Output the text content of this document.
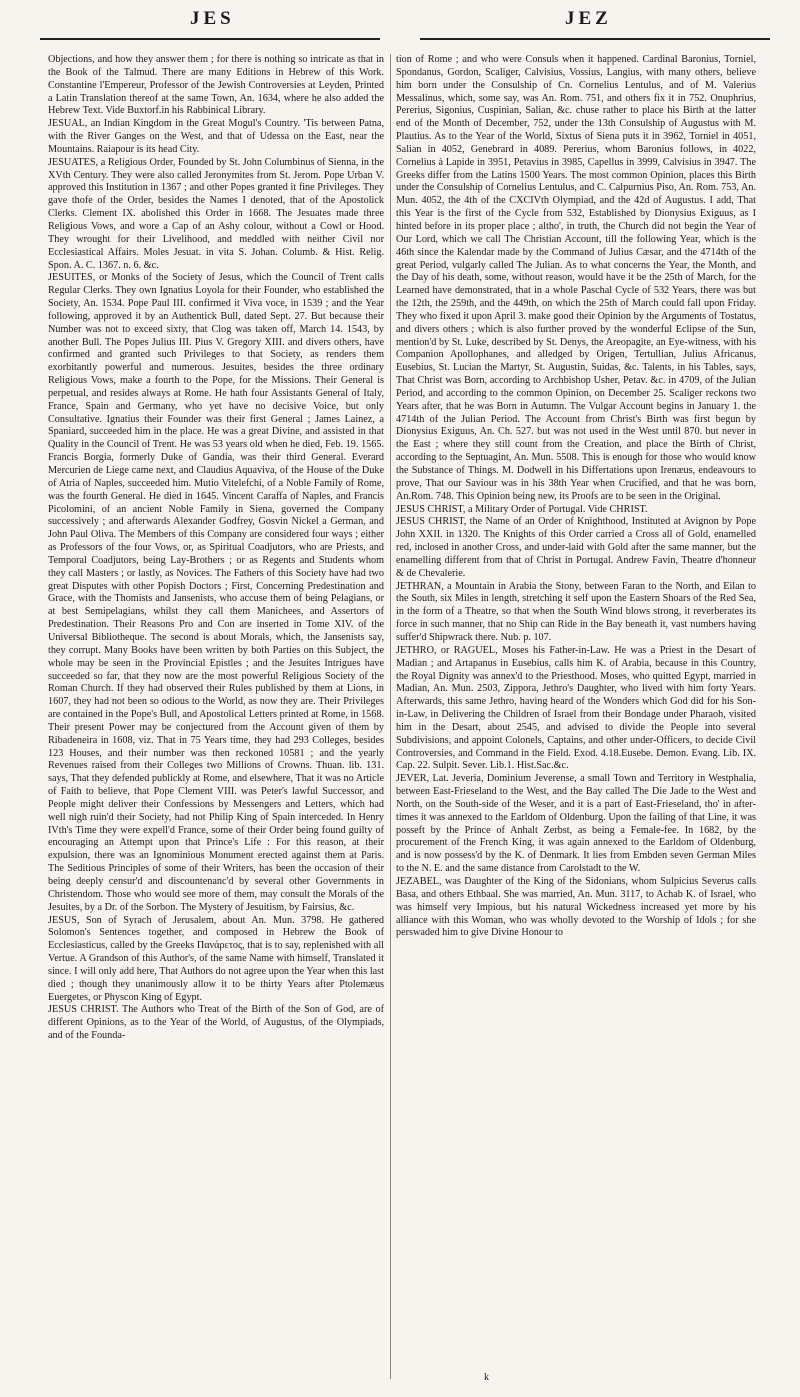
JES	JEZ

Objections, and how they answer them ; for there is nothing so intricate as that in the Book of the Talmud. There are many Editions in Hebrew of this Work. Constantine l'Empereur, Professor of the Jewish Controversies at Leyden, Printed a Latin Translation thereof at the same Town, An. 1634, where he also added the Hebrew Text. Vide Buxtorf.in his Rabbinical Library.

JESUAL, an Indian Kingdom in the Great Mogul's Country. 'Tis between Patna, with the River Ganges on the West, and that of Udessa on the East, near the Mountains. Raiapour is its head City.

JESUATES, a Religious Order, Founded by St. John Columbinus of Sienna, in the XVth Century. They were also called Jeronymites from St. Jerom. Pope Urban V. approved this Institution in 1367 ; and other Popes granted it fine Privileges. They gave thofe of the Order, besides the Names I denoted, that of the Apostolick Clerks. Clement IX. abolished this Order in 1668. The Jesuates made three Religious Vows, and wore a Cap of an Ashy colour, without a Cowl or Hood. They wrought for their Livelihood, and meddled with neither Civil nor Ecclesiastical Affairs. Moles Jesuat. in vita S. Johan. Columb. & Hist. Relig. Spon. A. C. 1367. n. 6. &c.

JESUITES, or Monks of the Society of Jesus, which the Council of Trent calls Regular Clerks. They own Ignatius Loyola for their Founder, who established the Society, An. 1534. Pope Paul III. confirmed it Viva voce, in 1539 ; and the Year following, approved it by an Authentick Bull, dated Sept. 27. But because their Number was not to exceed sixty, that Clog was taken off, March 14. 1543, by another Bull. The Popes Julius III. Pius V. Gregory XIII. and divers others, have confirmed and granted such Privileges to that Society, as renders them exorbitantly powerful and numerous. Jesuites, besides the three ordinary Religious Vows, make a fourth to the Pope, for the Missions. Their General is perpetual, and resides always at Rome. He hath four Assistants General of Italy, France, Spain and Germany, who yet have no decisive Voice, but only Consultative. Ignatius their Founder was their first General ; James Lainez, a Spaniard, succeeded him in the place. He was a great Divine, and assisted in that Quality in the Council of Trent. He was 53 years old when he died, Feb. 19. 1565. Francis Borgia, formerly Duke of Gandia, was their third General. Everard Mercurien de Liege came next, and Claudius Aquaviva, of the House of the Duke of Atria of Naples, succeeded him. Mutio Vitelefchi, of a Noble Family of Rome, was the fourth General. He died in 1645. Vincent Caraffa of Naples, and Francis Picolomini, of an ancient Noble Family in Siena, governed the Company successively ; and afterwards Alexander Godfrey, Gosvin Nickel a German, and John Paul Oliva. The Members of this Company are considered four ways ; either as Professors of the four Vows, or, as Spiritual Coadjutors, who are Priests, and Temporal Coadjutors, being Lay-Brothers ; or as Regents and Students whom they call Masters ; or lastly, as Novices. The Fathers of this Society have had two great Disputes with other Popish Doctors ; First, Concerning Predestination and Grace, with the Thomists and Jansenists, who accuse them of being Pelagians, or at best Semipelagians, whilst they call them Manichees, and Assertors of Predestination. Their Reasons Pro and Con are inserted in Tome XIV. of the Universal Bibliotheque. The second is about Morals, which, the Jansenists say, they corrupt. Many Books have been written by both Parties on this Subject, the whole may be seen in the Provincial Epistles ; and the Jesuites Intrigues have succeeded so far, that they now are the most powerful Religious Society of the Roman Church. If they had observed their Rules published by them at Lions, in 1607, they had not been so odious to the World, as now they are. Their Privileges are contained in the Pope's Bull, and Apostolical Letters printed at Rome, in 1568. Their present Power may be conjectured from the Account given of them by Ribadeneira in 1608, viz. That in 75 Years time, they had 293 Colleges, besides 123 Houses, and their number was then reckoned 10581 ; and the yearly Revenues raised from their Colleges two Millions of Crowns. Thuan. lib. 131. says, That they defended publickly at Rome, and elsewhere, That it was no Article of Faith to believe, that Pope Clement VIII. was Peter's lawful Successor, and People might deliver their Confessions by Messengers and Letters, which had well nigh ruin'd their Society, had not Philip King of Spain interceded. In Henry IVth's Time they were expell'd France, some of their Order being found guilty of encouraging an Attempt upon that Prince's Life : For this reason, at their expulsion, there was an Ignominious Monument erected against them at Paris. The Seditious Principles of some of their Writers, has been the occasion of their being deeply censur'd and discountenanc'd by several other Governments in Christendom. Those who would see more of them, may consult the Morals of the Jesuites, by a Dr. of the Sorbon. The Mystery of Jesuitism, by Fairsius, &c.

JESUS, Son of Syrach of Jerusalem, about An. Mun. 3798. He gathered Solomon's Sentences together, and composed in Hebrew the Book of Ecclesiasticus, called by the Greeks Πανάρετος, that is to say, replenished with all Vertue. A Grandson of this Author's, of the same Name with himself, Translated it since. I will only add here, That Authors do not agree upon the Year when this last died ; though they unanimously allow it to be thirty Years after Ptolemæus Euergetes, or Physcon King of Egypt.

JESUS CHRIST. The Authors who Treat of the Birth of the Son of God, are of different Opinions, as to the Year of the World, of Augustus, of the Olympiads, and of the Founda-

tion of Rome ; and who were Consuls when it happened. Cardinal Baronius, Torniel, Spondanus, Gordon, Scaliger, Calvisius, Vossius, Langius, with many others, believe him born under the Consulship of Cn. Cornelius Lentulus, and of M. Valerius Messalinus, which, some say, was An. Rom. 751, and others fix it in 752. Onuphrius, Pererius, Sigonius, Cuspinian, Salian, &c. chuse rather to place his Birth at the latter end of the Month of December, 752, under the 13th Consulship of Augustus with M. Plautius. As to the Year of the World, Sixtus of Siena puts it in 3962, Torniel in 4051, Salian in 4052, Genebrard in 4089. Pererius, whom Baronius follows, in 4022, Cornelius à Lapide in 3951, Petavius in 3985, Capellus in 3999, Calvisius in 3947. The Greeks differ from the Latins 1500 Years. The most common Opinion, places this Birth under the Consulship of Cornelius Lentulus, and C. Calpurnius Piso, An. Rom. 753, An. Mun. 4052, the 4th of the CXCIVth Olympiad, and the 42d of Augustus. I add, That this Year is the first of the Cycle from 532, Established by Dionysius Exiguus, as I hinted before in its proper place ; altho', in truth, the Church did not begin the Year of Our Lord, which we call The Christian Account, till the following Year, which is the 46th since the Kalendar made by the Command of Julius Cæsar, and the 4714th of the great Period, vulgarly called The Julian. As to what concerns the Year, the Month, and the Day of his death, some, without reason, would have it be the 25th of March, for the Learned have demonstrated, that in a whole Paschal Cycle of 532 Years, there was but the 12th, the 259th, and the 449th, on which the 25th of March could fall upon Friday. They who fixed it upon April 3. make good their Opinion by the Arguments of Tostatus, and divers others ; which is also further proved by the wonderful Eclipse of the Sun, mention'd by St. Luke, described by St. Denys, the Areopagite, an Eye-witness, with his Companion Apollophanes, and alledged by Origen, Tertullian, Julius Africanus, Eusebius, St. Lucian the Martyr, St. Augustin, Suidas, &c. Talents, in his Tables, says, That Christ was Born, according to Archbishop Usher, Petav. &c. in 4709, of the Julian Period, and according to the common Opinion, on December 25. Scaliger reckons two Years after, that he was Born in Autumn. The Vulgar Account begins in January 1. the 4714th of the Julian Period. The Account from Christ's Birth was first begun by Dionysius Exiguus, An. Ch. 527. but was not used in the West until 870. but never in the East ; where they still count from the Creation, and place the Birth of Christ, according to the Septuagint, An. Mun. 5508. This is enough for those who would know the Substance of Things. M. Dodwell in his Differtations upon Irenæus, endeavours to prove, That our Saviour was in his 38th Year when Crucified, and that he was born, An.Rom. 748. This Opinion being new, its Proofs are to be seen in the Original.

JESUS CHRIST, a Military Order of Portugal. Vide CHRIST.

JESUS CHRIST, the Name of an Order of Knighthood, Instituted at Avignon by Pope John XXII. in 1320. The Knights of this Order carried a Cross all of Gold, enamelled red, inclosed in another Cross, and under-laid with Gold after the same manner, but the enamelling different from that of Christ in Portugal. Andrew Favin, Theatre d'honneur & de Chevalerie.

JETHRAN, a Mountain in Arabia the Stony, between Faran to the North, and Eilan to the South, six Miles in length, stretching it self upon the Eastern Shoars of the Red Sea, in the form of a Theatre, so that when the South Wind blows strong, it reverberates its force in such manner, that no Ship can Ride in the Bay beneath it, vast numbers having suffer'd Shipwrack there. Nub. p. 107.

JETHRO, or RAGUEL, Moses his Father-in-Law. He was a Priest in the Desart of Madian ; and Artapanus in Eusebius, calls him K. of Arabia, because in this Country, the Royal Dignity was annex'd to the Priesthood. Moses, who quitted Egypt, married in Madian, An. Mun. 2503, Zippora, Jethro's Daughter, who lived with him forty Years. Afterwards, this same Jethro, having heard of the Wonders which God did for his Son-in-Law, in Delivering the Children of Israel from their Bondage under Pharaoh, visited him in the Desart, about 2545, and advised to divide the People into several Subdivisions, and appoint Colonels, Captains, and other under-Officers, to decide Civil Controversies, and Command in the Field. Exod. 4.18.Eusebe. Demon. Evang. Lib. IX. Cap. 22. Sulpit. Sever. Lib.1. Hist.Sac.&c.

JEVER, Lat. Jeveria, Dominium Jeverense, a small Town and Territory in Westphalia, between East-Frieseland to the West, and the Bay called The Die Jade to the West and North, on the South-side of the Weser, and it is a part of East-Frieseland, tho' in after-times it was annexed to the Earldom of Oldenburg. Upon the failing of that Line, it was posseft by the Prince of Anhalt Zerbst, as being a Female-fee. In 1682, by the procurement of the French King, it was again annexed to the Earldom of Oldenburg, and is now possess'd by the K. of Denmark. It lies from Embden seven German Miles to the N. E. and the same distance from Carolstadt to the W.

JEZABEL, was Daughter of the King of the Sidonians, whom Sulpicius Severus calls Basa, and others Ethbaal. She was married, An. Mun. 3117, to Achab K. of Israel, who was himself very Impious, but his natural Wickedness increased yet more by his alliance with this Woman, who was wholly devoted to the Worship of Idols ; for she perswaded him to give Divine Honour to

k
